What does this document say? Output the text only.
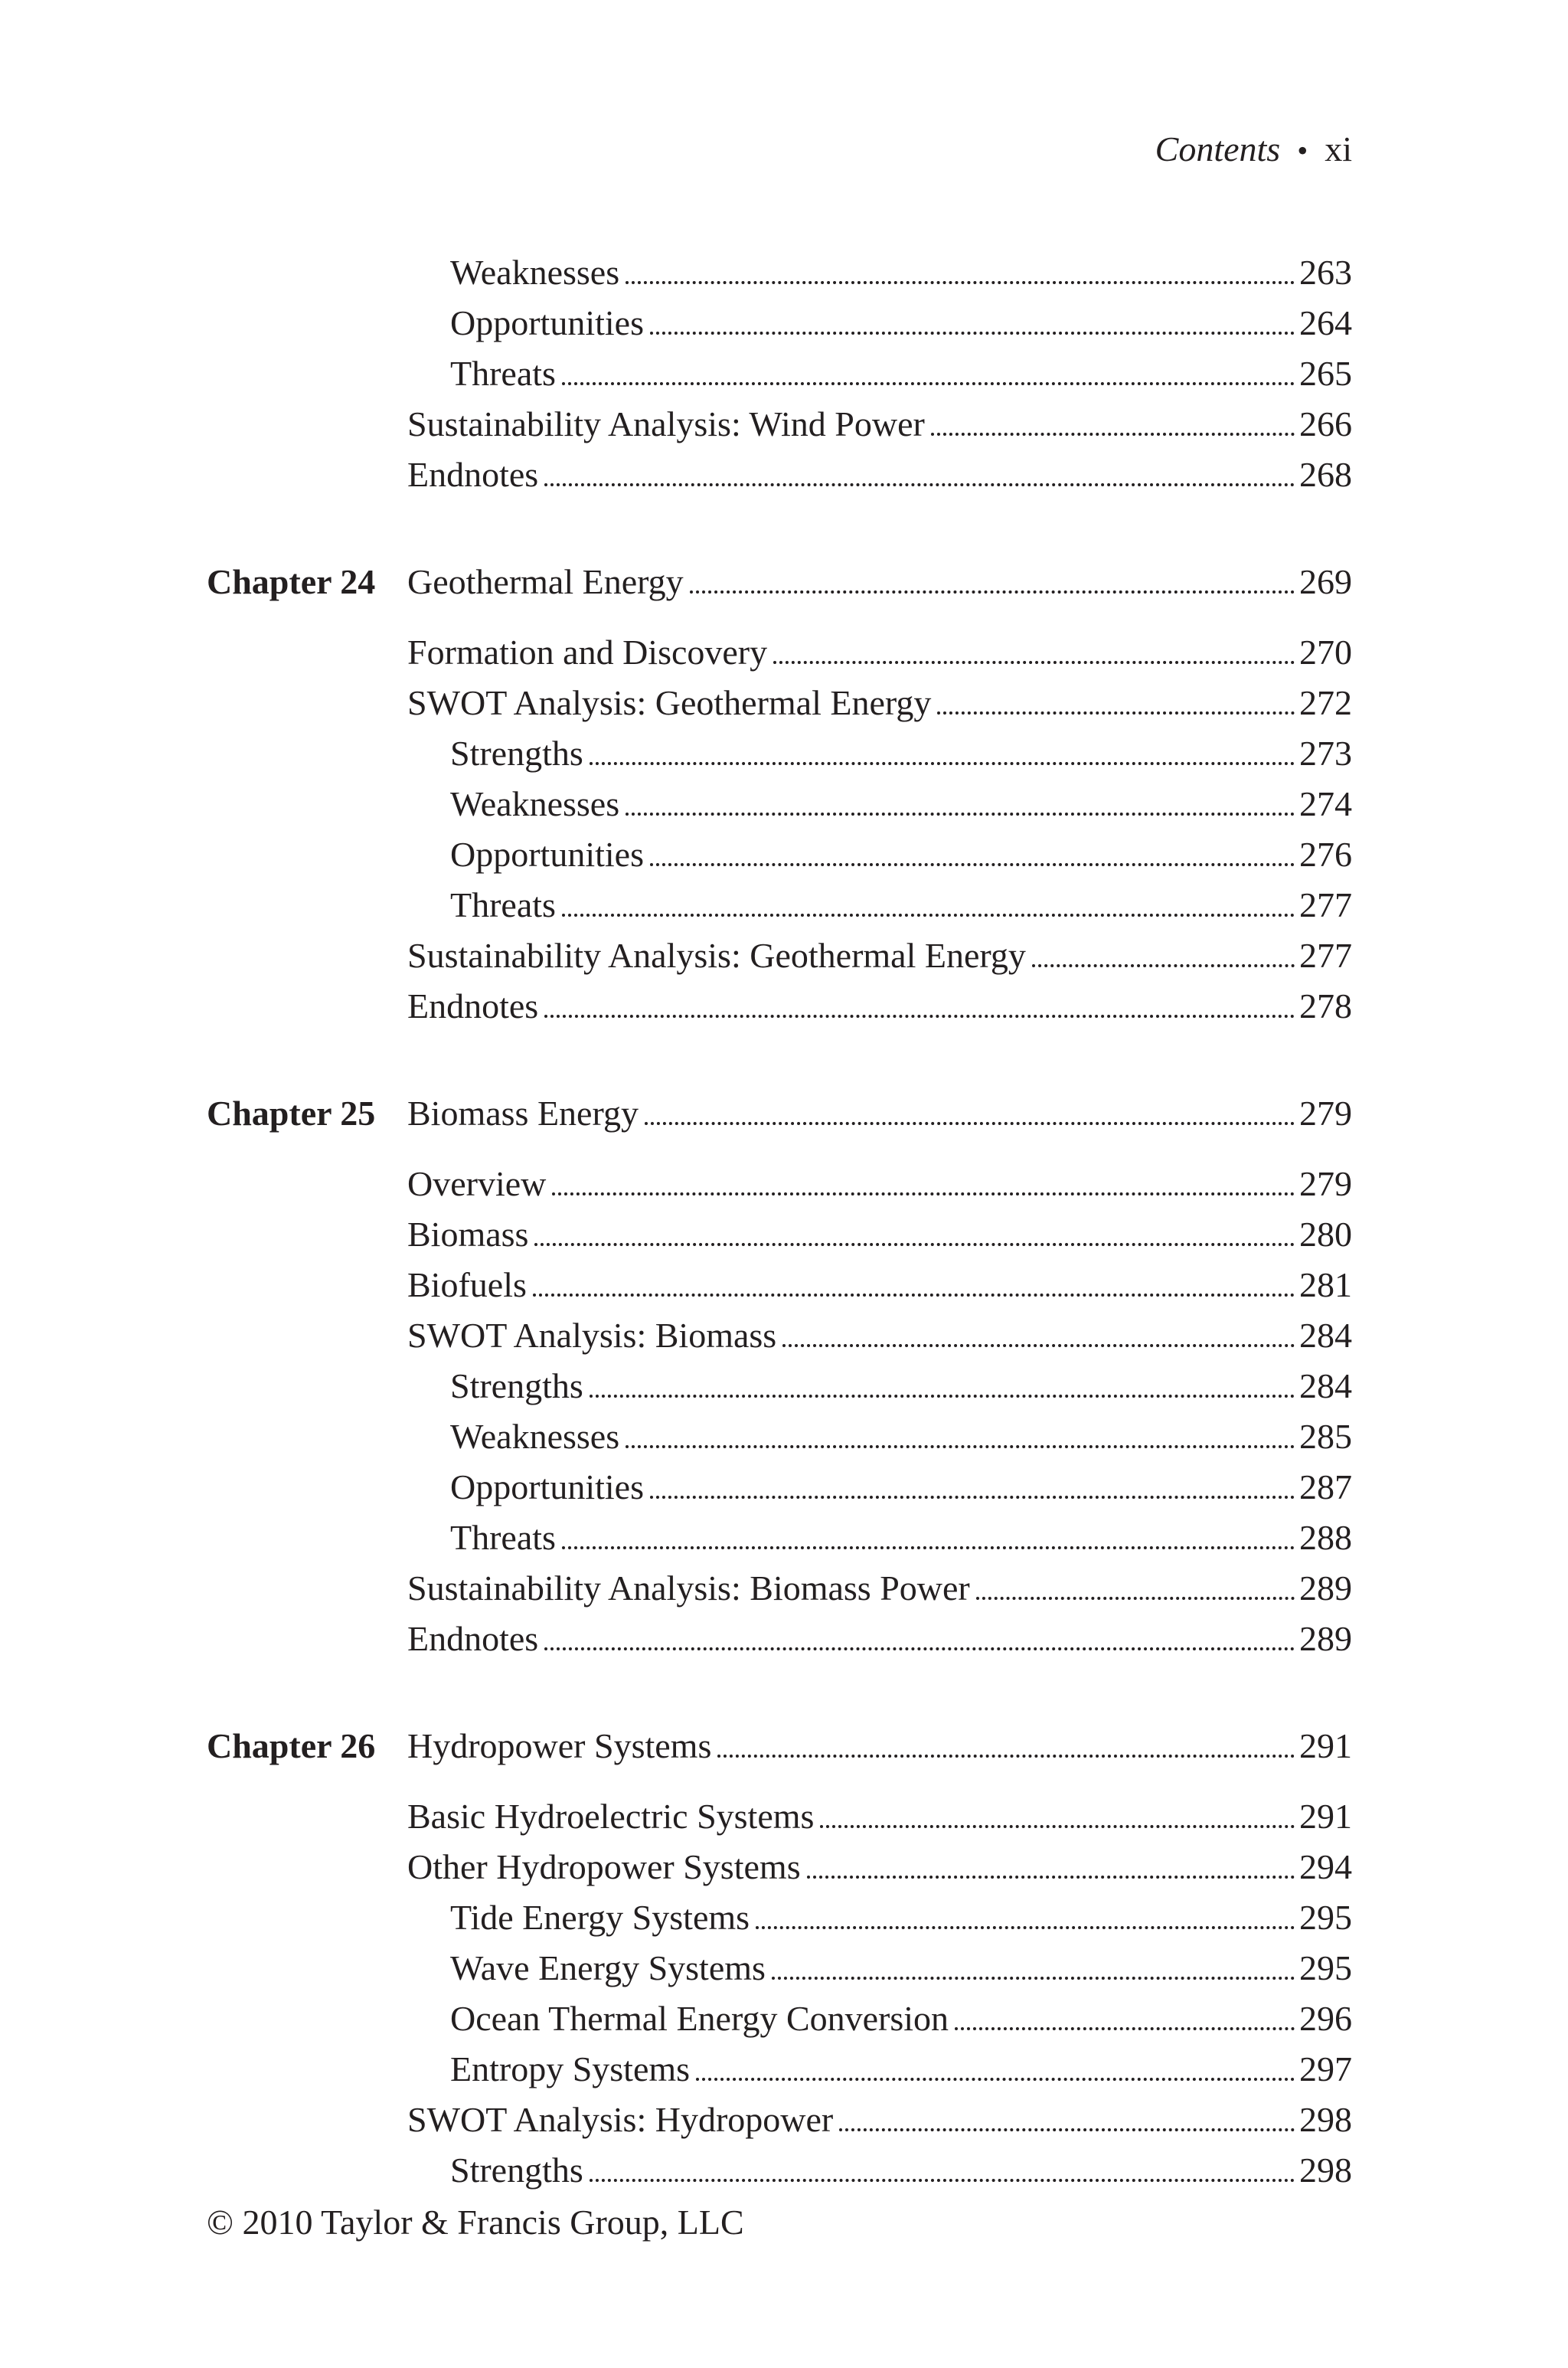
Contents • xi
Weaknesses	263
Opportunities	264
Threats	265
Sustainability Analysis: Wind Power	266
Endnotes	268
Chapter 24 Geothermal Energy	269
Formation and Discovery	270
SWOT Analysis: Geothermal Energy	272
Strengths	273
Weaknesses	274
Opportunities	276
Threats	277
Sustainability Analysis: Geothermal Energy	277
Endnotes	278
Chapter 25 Biomass Energy	279
Overview	279
Biomass	280
Biofuels	281
SWOT Analysis: Biomass	284
Strengths	284
Weaknesses	285
Opportunities	287
Threats	288
Sustainability Analysis: Biomass Power	289
Endnotes	289
Chapter 26 Hydropower Systems	291
Basic Hydroelectric Systems	291
Other Hydropower Systems	294
Tide Energy Systems	295
Wave Energy Systems	295
Ocean Thermal Energy Conversion	296
Entropy Systems	297
SWOT Analysis: Hydropower	298
Strengths	298
© 2010 Taylor & Francis Group, LLC
